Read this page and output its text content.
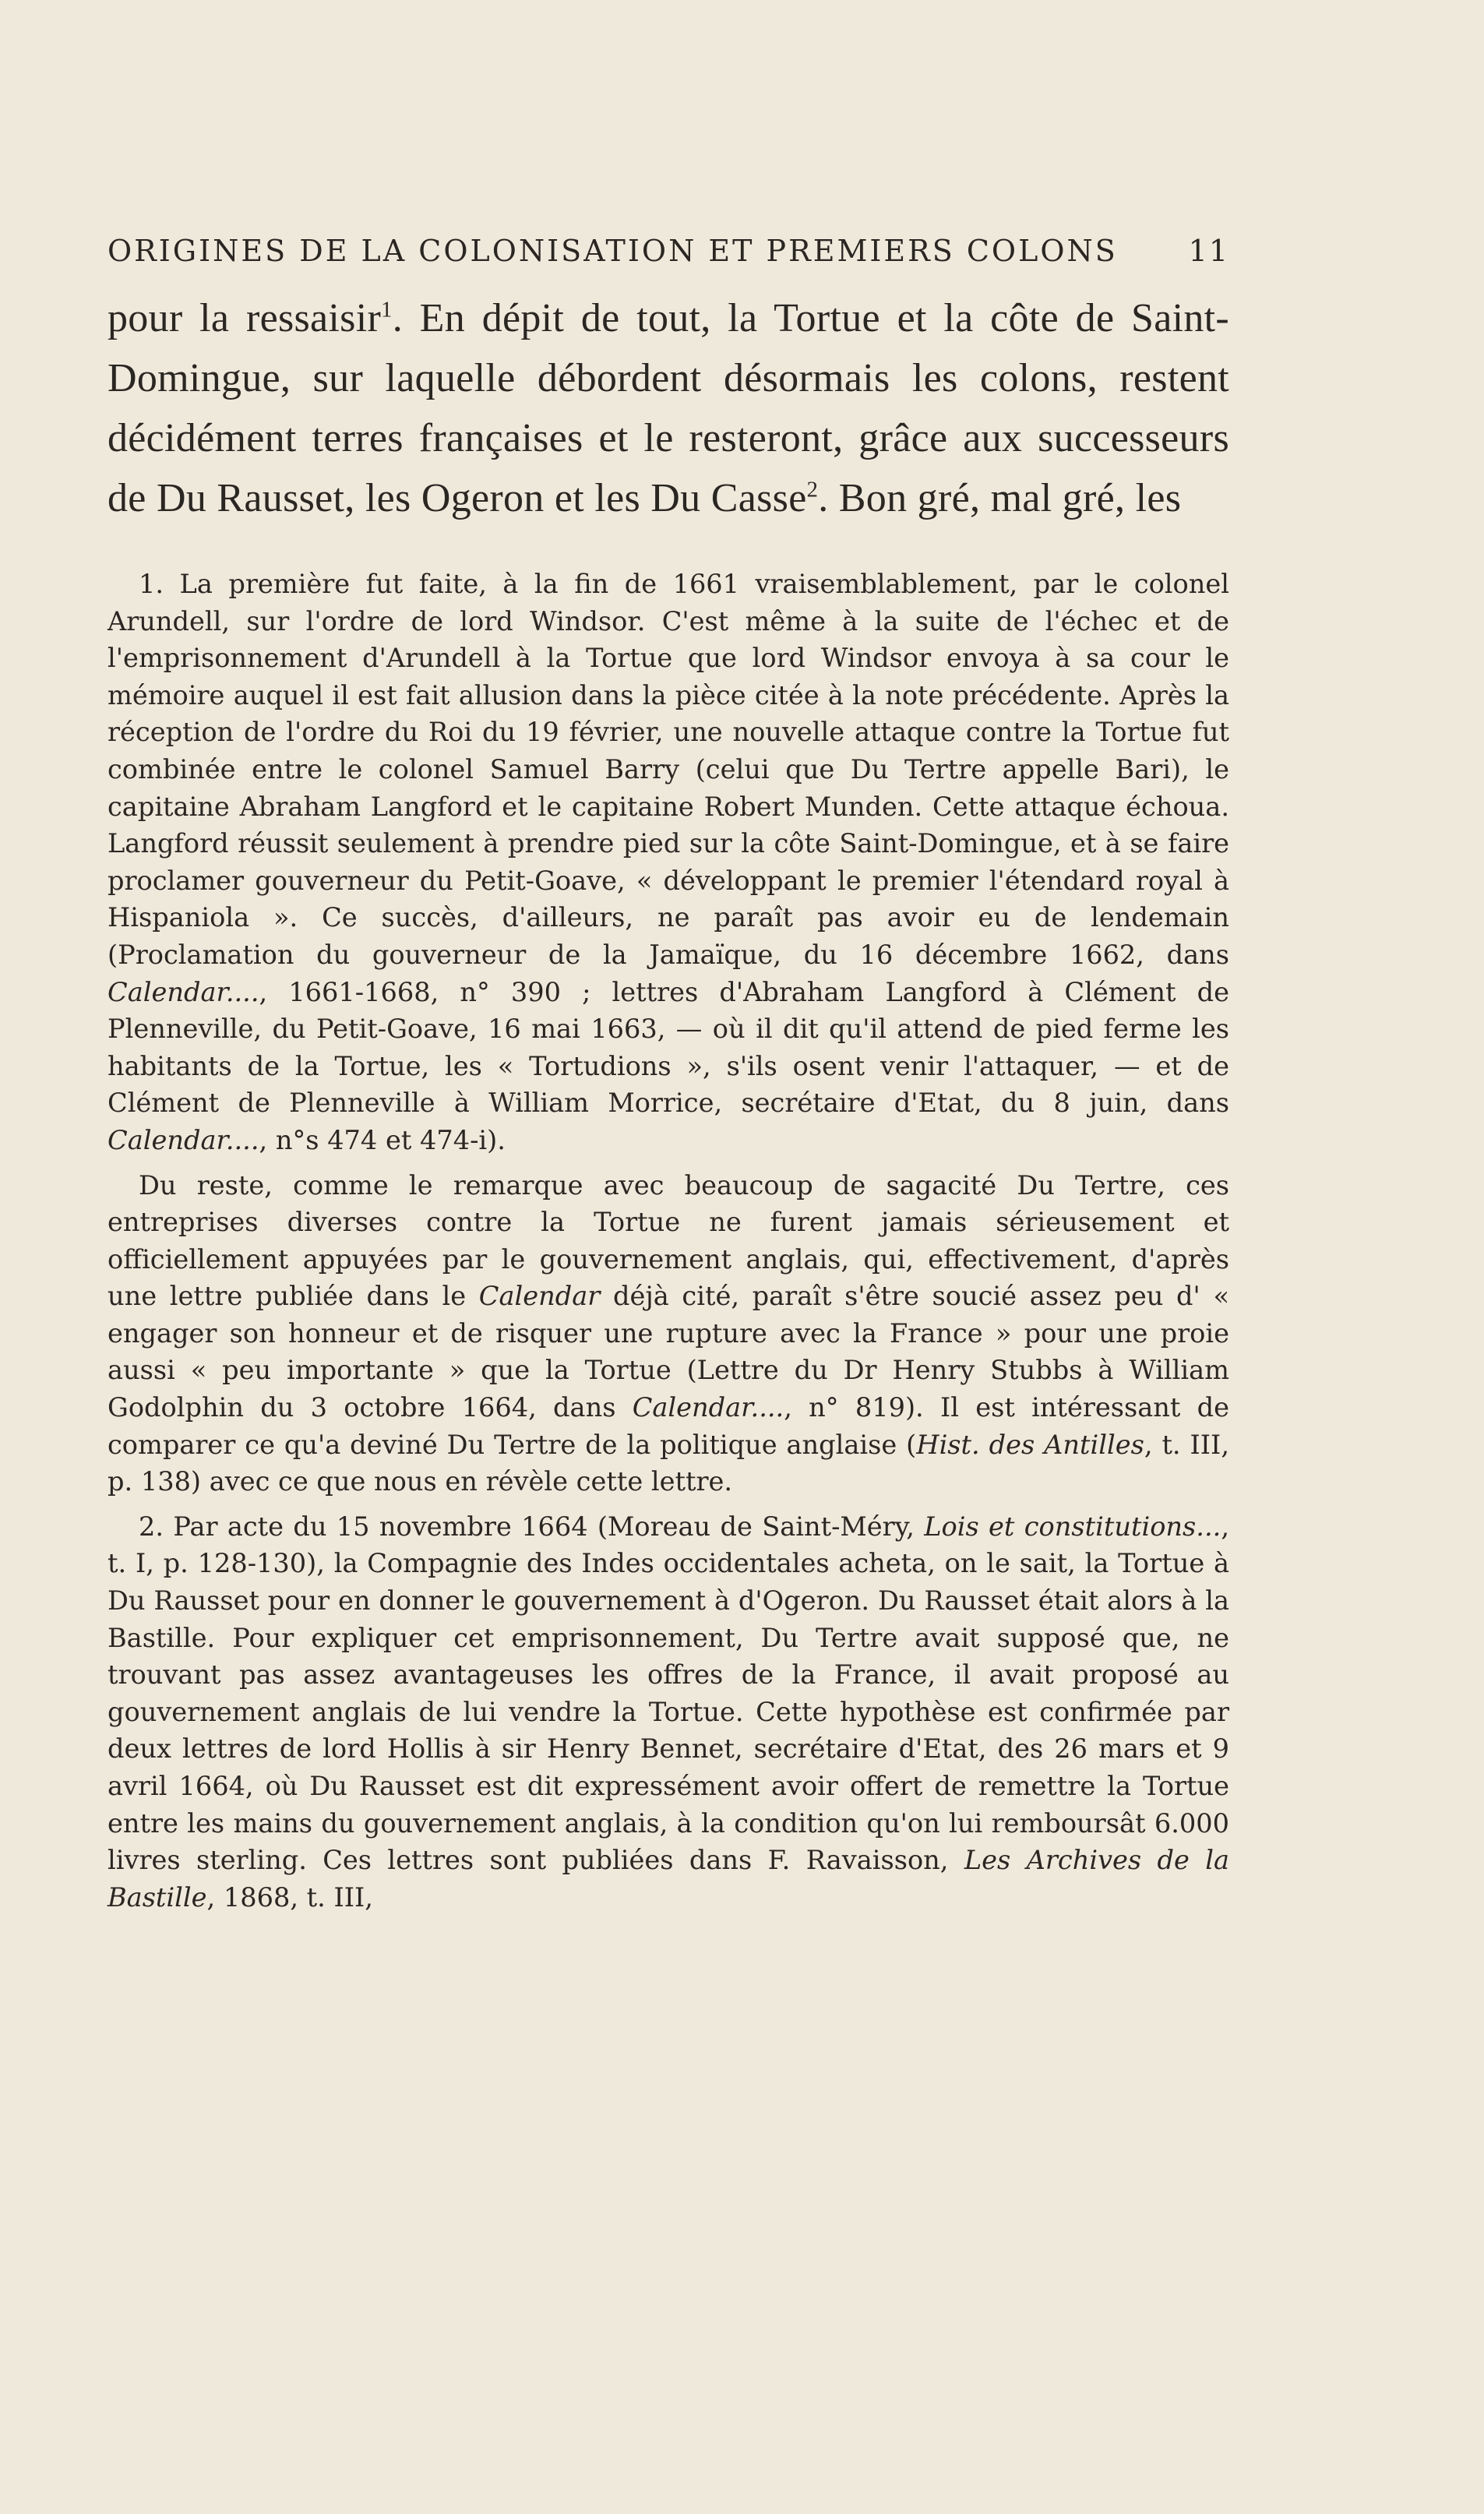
ORIGINES DE LA COLONISATION ET PREMIERS COLONS 11
pour la ressaisir$^1$. En dépit de tout, la Tortue et la côte de Saint-Domingue, sur laquelle débordent désormais les colons, restent décidément terres françaises et le resteront, grâce aux successeurs de Du Rausset, les Ogeron et les Du Casse$^2$. Bon gré, mal gré, les

1. La première fut faite, à la fin de 1661 vraisemblablement, par le colonel Arundell, sur l'ordre de lord Windsor. C'est même à la suite de l'échec et de l'emprisonnement d'Arundell à la Tortue que lord Windsor envoya à sa cour le mémoire auquel il est fait allusion dans la pièce citée à la note précédente. Après la réception de l'ordre du Roi du 19 février, une nouvelle attaque contre la Tortue fut combinée entre le colonel Samuel Barry (celui que Du Tertre appelle Bari), le capitaine Abraham Langford et le capitaine Robert Munden. Cette attaque échoua. Langford réussit seulement à prendre pied sur la côte Saint-Domingue, et à se faire proclamer gouverneur du Petit-Goave, « développant le premier l'étendard royal à Hispaniola ». Ce succès, d'ailleurs, ne paraît pas avoir eu de lendemain (Proclamation du gouverneur de la Jamaïque, du 16 décembre 1662, dans Calendar...., 1661-1668, n° 390 ; lettres d'Abraham Langford à Clément de Plenneville, du Petit-Goave, 16 mai 1663, — où il dit qu'il attend de pied ferme les habitants de la Tortue, les « Tortudions », s'ils osent venir l'attaquer, — et de Clément de Plenneville à William Morrice, secrétaire d'Etat, du 8 juin, dans Calendar...., n°s 474 et 474-i).

Du reste, comme le remarque avec beaucoup de sagacité Du Tertre, ces entreprises diverses contre la Tortue ne furent jamais sérieusement et officiellement appuyées par le gouvernement anglais, qui, effectivement, d'après une lettre publiée dans le Calendar déjà cité, paraît s'être soucié assez peu d' « engager son honneur et de risquer une rupture avec la France » pour une proie aussi « peu importante » que la Tortue (Lettre du Dr Henry Stubbs à William Godolphin du 3 octobre 1664, dans Calendar...., n° 819). Il est intéressant de comparer ce qu'a deviné Du Tertre de la politique anglaise (Hist. des Antilles, t. III, p. 138) avec ce que nous en révèle cette lettre.

2. Par acte du 15 novembre 1664 (Moreau de Saint-Méry, Lois et constitutions..., t. I, p. 128-130), la Compagnie des Indes occidentales acheta, on le sait, la Tortue à Du Rausset pour en donner le gouvernement à d'Ogeron. Du Rausset était alors à la Bastille. Pour expliquer cet emprisonnement, Du Tertre avait supposé que, ne trouvant pas assez avantageuses les offres de la France, il avait proposé au gouvernement anglais de lui vendre la Tortue. Cette hypothèse est confirmée par deux lettres de lord Hollis à sir Henry Bennet, secrétaire d'Etat, des 26 mars et 9 avril 1664, où Du Rausset est dit expressément avoir offert de remettre la Tortue entre les mains du gouvernement anglais, à la condition qu'on lui remboursât 6.000 livres sterling. Ces lettres sont publiées dans F. Ravaisson, Les Archives de la Bastille, 1868, t. III,
